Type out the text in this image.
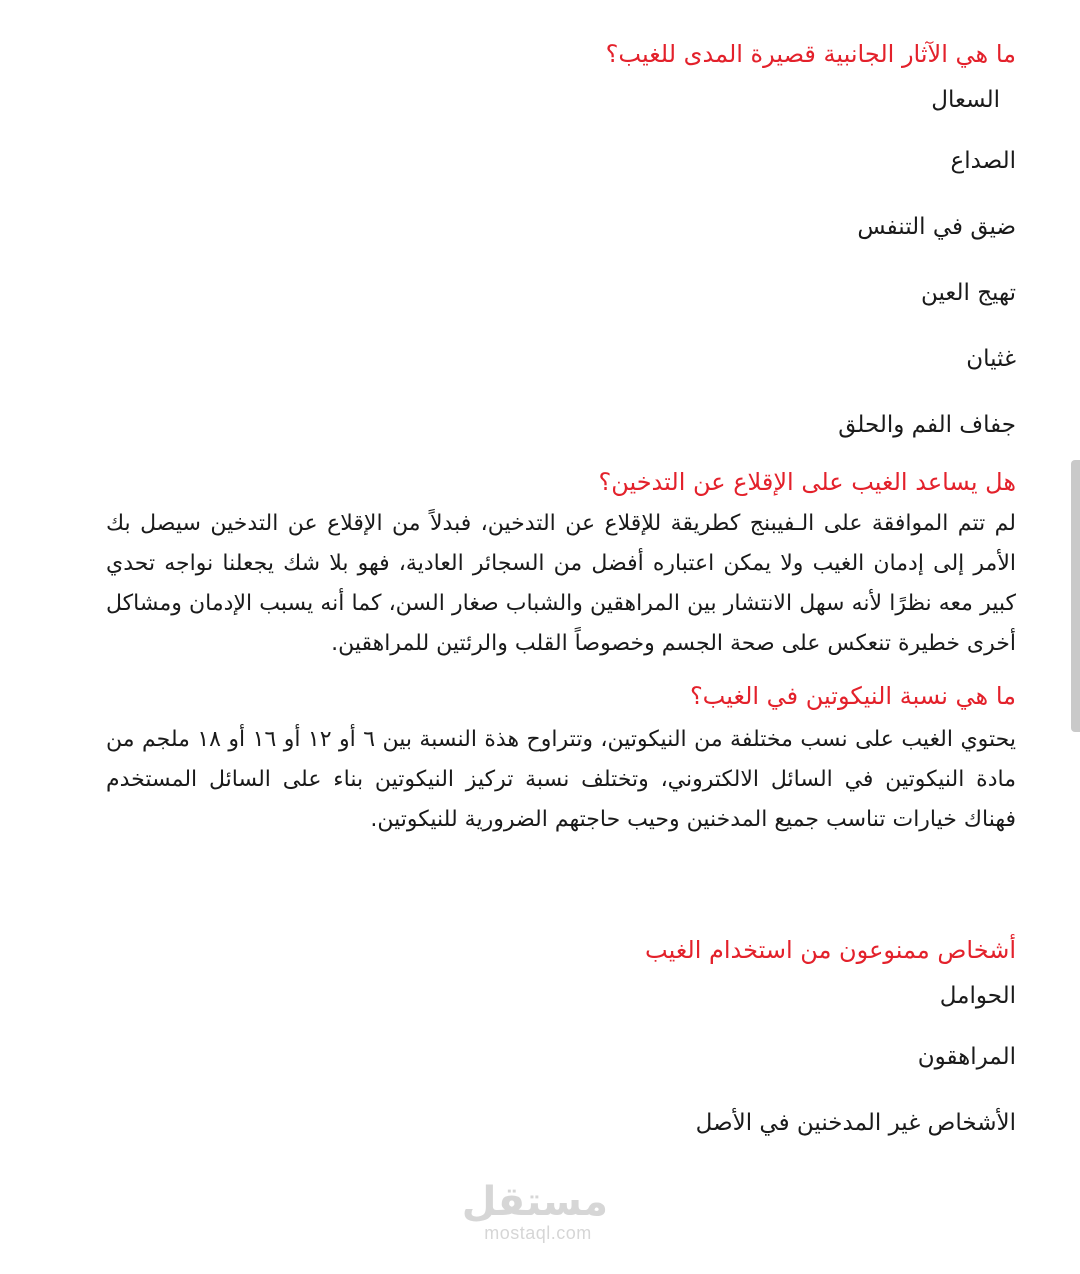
ما هي الآثار الجانبية قصيرة المدى للغيب؟
السعال
الصداع
ضيق في التنفس
تهيج العين
غثيان
جفاف الفم والحلق
هل يساعد الغيب على الإقلاع عن التدخين؟

لم تتم الموافقة على الـفيبنج كطريقة للإقلاع عن التدخين، فبدلاً من الإقلاع عن التدخين سيصل بك الأمر إلى إدمان الغيب ولا يمكن اعتباره أفضل من السجائر العادية، فهو بلا شك يجعلنا نواجه تحدي كبير معه نظرًا لأنه سهل الانتشار بين المراهقين والشباب صغار السن، كما أنه يسبب الإدمان ومشاكل أخرى خطيرة تنعكس على صحة الجسم وخصوصاً القلب والرئتين للمراهقين.

ما هي نسبة النيكوتين في الغيب؟

يحتوي الغيب على نسب مختلفة من النيكوتين، وتتراوح هذة النسبة بين ٦ أو ١٢ أو ١٦ أو ١٨ ملجم من مادة النيكوتين في السائل الالكتروني، وتختلف نسبة تركيز النيكوتين بناء على السائل المستخدم فهناك خيارات تناسب جميع المدخنين وحيب حاجتهم الضرورية للنيكوتين.

أشخاص ممنوعون من استخدام الغيب
الحوامل
المراهقون
الأشخاص غير المدخنين في الأصل
مستقل
mostaql.com
